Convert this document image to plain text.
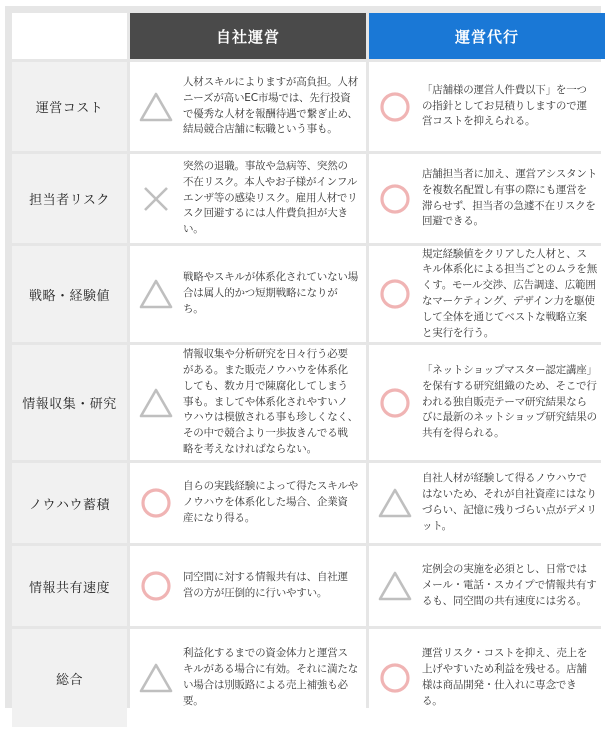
	自社運営	運営代行
運営コスト	人材スキルによりますが高負担。人材ニーズが高いEC市場では、先行投資で優秀な人材を報酬待遇で繋ぎ止め、結局競合店舗に転職という事も。	「店舗様の運営人件費以下」を一つの指針としてお見積りしますので運営コストを抑えられる。

担当者リスク	突然の退職。事故や急病等、突然の不在リスク。本人やお子様がインフルエンザ等の感染リスク。雇用人材でリスク回避するには人件費負担が大きい。	店舗担当者に加え、運営アシスタントを複数名配置し有事の際にも運営を滞らせず、担当者の急遽不在リスクを回避できる。

戦略・経験値	戦略やスキルが体系化されていない場合は属人的かつ短期戦略になりがち。	規定経験値をクリアした人材と、スキル体系化による担当ごとのムラを無くす。モール交渉、広告調達、広範囲なマーケティング、デザイン力を駆使して全体を通じてベストな戦略立案と実行を行う。

情報収集・研究	情報収集や分析研究を日々行う必要がある。また販売ノウハウを体系化しても、数カ月で陳腐化してしまう事も。ましてや体系化されやすいノウハウは模倣される事も珍しくなく、その中で競合より一歩抜きんでる戦略を考えなければならない。	「ネットショップマスター認定講座」を保有する研究組織のため、そこで行われる独自販売テーマ研究結果ならびに最新のネットショップ研究結果の共有を得られる。

ノウハウ蓄積	自らの実践経験によって得たスキルやノウハウを体系化した場合、企業資産になり得る。	自社人材が経験して得るノウハウではないため、それが自社資産にはなりづらい、記憶に残りづらい点がデメリット。

情報共有速度	同空間に対する情報共有は、自社運営の方が圧倒的に行いやすい。	定例会の実施を必須とし、日常ではメール・電話・スカイプで情報共有するも、同空間の共有速度には劣る。

総合	利益化するまでの資金体力と運営スキルがある場合に有効。それに満たない場合は別販路による売上補強も必要。	運営リスク・コストを抑え、売上を上げやすいため利益を残せる。店舗様は商品開発・仕入れに専念できる。
